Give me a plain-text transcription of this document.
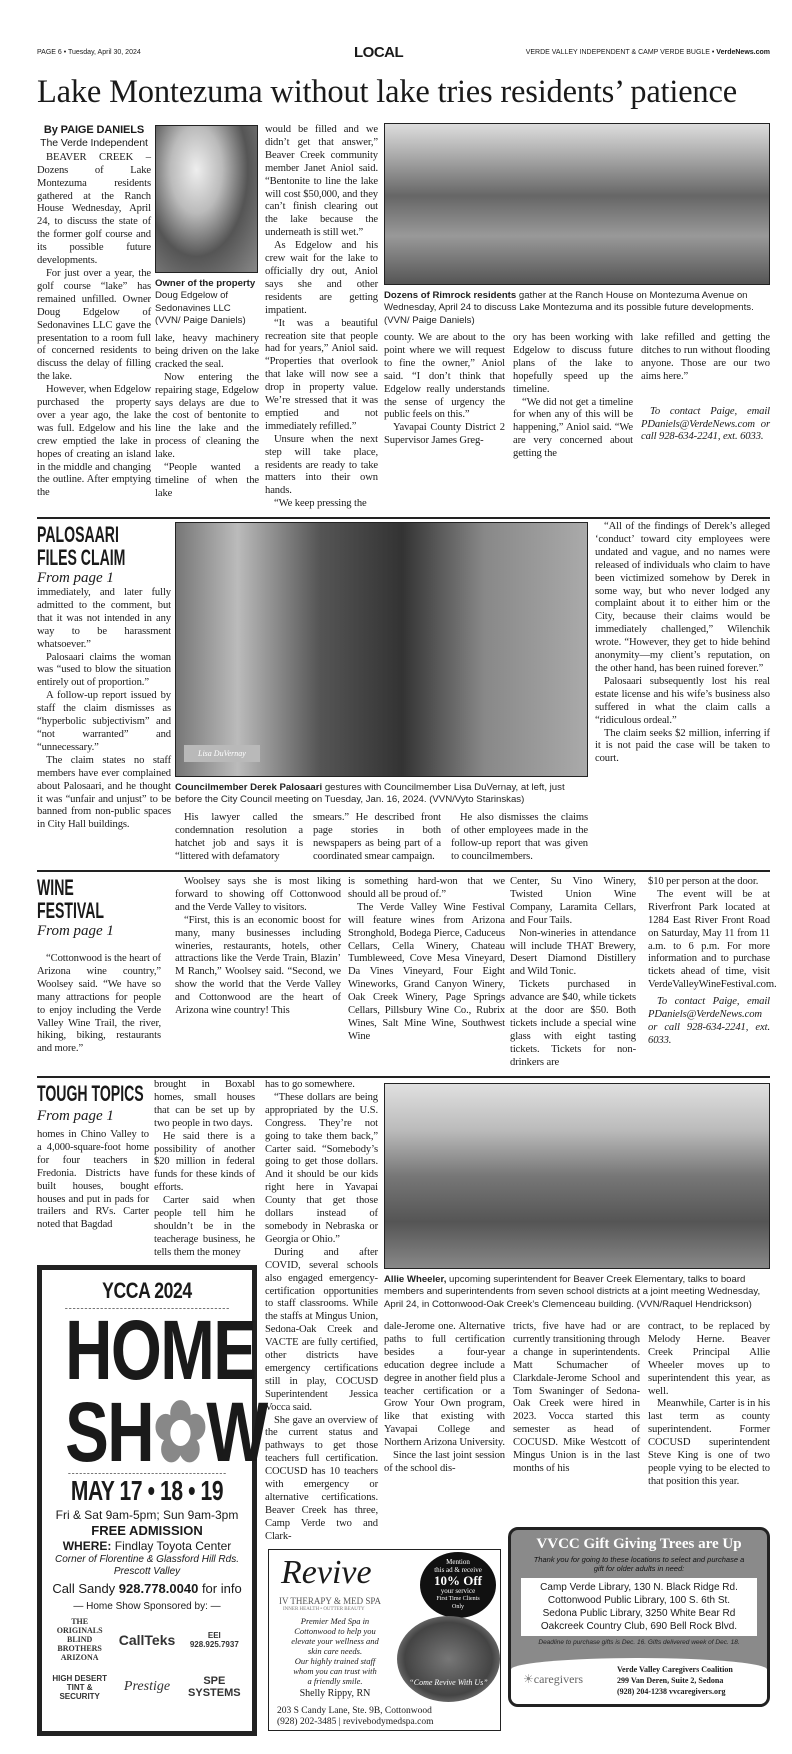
PAGE 6 • Tuesday, April 30, 2024	LOCAL	VERDE VALLEY INDEPENDENT & CAMP VERDE BUGLE • VerdeNews.com
Lake Montezuma without lake tries residents’ patience
By PAIGE DANIELS
The Verde Independent

BEAVER CREEK – Dozens of Lake Montezuma residents gathered at the Ranch House Wednesday, April 24, to discuss the state of the former golf course and its possible future developments.

For just over a year, the golf course “lake” has remained unfilled. Owner Doug Edgelow of Sedonavines LLC gave the presentation to a room full of concerned residents to discuss the delay of filling the lake.

However, when Edgelow purchased the property over a year ago, the lake was full. Edgelow and his crew emptied the lake in hopes of creating an island in the middle and changing the outline. After emptying the

Owner of the property Doug Edgelow of Sedonavines LLC (VVN/ Paige Daniels)

lake, heavy machinery being driven on the lake cracked the seal.

Now entering the repairing stage, Edgelow says delays are due to the cost of bentonite to line the lake and the process of cleaning the lake.

“People wanted a timeline of when the lake

would be filled and we didn’t get that answer,” Beaver Creek community member Janet Aniol said. “Bentonite to line the lake will cost $50,000, and they can’t finish clearing out the lake because the underneath is still wet.”

As Edgelow and his crew wait for the lake to officially dry out, Aniol says she and other residents are getting impatient.

“It was a beautiful recreation site that people had for years,” Aniol said. “Properties that overlook that lake will now see a drop in property value. We’re stressed that it was emptied and not immediately refilled.”

Unsure when the next step will take place, residents are ready to take matters into their own hands.

“We keep pressing the

Dozens of Rimrock residents gather at the Ranch House on Montezuma Avenue on Wednesday, April 24 to discuss Lake Montezuma and its possible future developments. (VVN/ Paige Daniels)

county. We are about to the point where we will request to fine the owner,” Aniol said. “I don’t think that Edgelow really understands the sense of urgency the public feels on this.”

Yavapai County District 2 Supervisor James Greg-

ory has been working with Edgelow to discuss future plans of the lake to hopefully speed up the timeline.

“We did not get a timeline for when any of this will be happening,” Aniol said. “We are very concerned about getting the

lake refilled and getting the ditches to run without flooding anyone. Those are our two aims here.”

To contact Paige, email PDaniels@VerdeNews.com or call 928-634-2241, ext. 6033.

PALOSAARI
FILES CLAIM
From page 1

immediately, and later fully admitted to the comment, but that it was not intended in any way to be harassment whatsoever.”

Palosaari claims the woman was “used to blow the situation entirely out of proportion.”

A follow-up report issued by staff the claim dismisses as “hyperbolic subjectivism” and “not warranted” and “unnecessary.”

The claim states no staff members have ever complained about Palosaari, and he thought it was “unfair and unjust” to be banned from non-public spaces in City Hall buildings.

Lisa DuVernay
Councilmember Derek Palosaari gestures with Councilmember Lisa DuVernay, at left, just before the City Council meeting on Tuesday, Jan. 16, 2024. (VVN/Vyto Starinskas)

His lawyer called the condemnation resolution a hatchet job and says it is “littered with defamatory

smears.” He described front page stories in both newspapers as being part of a coordinated smear campaign.

He also dismisses the claims of other employees made in the follow-up report that was given to councilmembers.

“All of the findings of Derek’s alleged ‘conduct’ toward city employees were undated and vague, and no names were released of individuals who claim to have been victimized somehow by Derek in some way, but who never lodged any complaint about it to either him or the City, because their claims would be immediately challenged,” Wilenchik wrote. “However, they get to hide behind anonymity—my client’s reputation, on the other hand, has been ruined forever.”

Palosaari subsequently lost his real estate license and his wife’s business also suffered in what the claim calls a “ridiculous ordeal.”

The claim seeks $2 million, inferring if it is not paid the case will be taken to court.

WINE
FESTIVAL
From page 1

“Cottonwood is the heart of Arizona wine country,” Woolsey said. “We have so many attractions for people to enjoy including the Verde Valley Wine Trail, the river, hiking, biking, restaurants and more.”

Woolsey says she is most liking forward to showing off Cottonwood and the Verde Valley to visitors.

“First, this is an economic boost for many, many businesses including wineries, restaurants, hotels, other attractions like the Verde Train, Blazin’ M Ranch,” Woolsey said. “Second, we show the world that the Verde Valley and Cottonwood are the heart of Arizona wine country! This

is something hard-won that we should all be proud of.”

The Verde Valley Wine Festival will feature wines from Arizona Stronghold, Bodega Pierce, Caduceus Cellars, Cella Winery, Chateau Tumbleweed, Cove Mesa Vineyard, Da Vines Vineyard, Four Eight Wineworks, Grand Canyon Winery, Oak Creek Winery, Page Springs Cellars, Pillsbury Wine Co., Rubrix Wines, Salt Mine Wine, Southwest Wine

Center, Su Vino Winery, Twisted Union Wine Company, Laramita Cellars, and Four Tails.

Non-wineries in attendance will include THAT Brewery, Desert Diamond Distillery and Wild Tonic.

Tickets purchased in advance are $40, while tickets at the door are $50. Both tickets include a special wine glass with eight tasting tickets. Tickets for non-drinkers are

$10 per person at the door.

The event will be at Riverfront Park located at 1284 East River Front Road on Saturday, May 11 from 11 a.m. to 6 p.m. For more information and to purchase tickets ahead of time, visit VerdeValleyWineFestival.com.

To contact Paige, email PDaniels@VerdeNews.com or call 928-634-2241, ext. 6033.

TOUGH TOPICS
From page 1

homes in Chino Valley to a 4,000-square-foot home for four teachers in Fredonia. Districts have built houses, bought houses and put in pads for trailers and RVs. Carter noted that Bagdad

brought in Boxabl homes, small houses that can be set up by two people in two days.

He said there is a possibility of another $20 million in federal funds for these kinds of efforts.

Carter said when people tell him he shouldn’t be in the teacherage business, he tells them the money

has to go somewhere.

“These dollars are being appropriated by the U.S. Congress. They’re not going to take them back,” Carter said. “Somebody’s going to get those dollars. And it should be our kids right here in Yavapai County that get those dollars instead of somebody in Nebraska or Georgia or Ohio.”

During and after COVID, several schools also engaged emergency-certification opportunities to staff classrooms. While the staffs at Mingus Union, Sedona-Oak Creek and VACTE are fully certified, other districts have emergency certifications still in play, COCUSD Superintendent Jessica Vocca said.

She gave an overview of the current status and pathways to get those teachers full certification. COCUSD has 10 teachers with emergency or alternative certifications. Beaver Creek has three, Camp Verde two and Clark-

Allie Wheeler, upcoming superintendent for Beaver Creek Elementary, talks to board members and superintendents from seven school districts at a joint meeting Wednesday, April 24, in Cottonwood-Oak Creek’s Clemenceau building. (VVN/Raquel Hendrickson)

dale-Jerome one. Alternative paths to full certification besides a four-year education degree include a degree in another field plus a teacher certification or a Grow Your Own program, like that existing with Yavapai College and Northern Arizona University.

Since the last joint session of the school dis-

tricts, five have had or are currently transitioning through a change in superintendents. Matt Schumacher of Clarkdale-Jerome School and Tom Swaninger of Sedona-Oak Creek were hired in 2023. Vocca started this semester as head of COCUSD. Mike Westcott of Mingus Union is in the last months of his

contract, to be replaced by Melody Herne. Beaver Creek Principal Allie Wheeler moves up to superintendent this year, as well.

Meanwhile, Carter is in his last term as county superintendent. Former COCUSD superintendent Steve King is one of two people vying to be elected to that position this year.

YCCA 2024
HOME
SH✿W
MAY 17 • 18 • 19
Fri & Sat 9am-5pm; Sun 9am-3pm
FREE ADMISSION
WHERE: Findlay Toyota Center
Corner of Florentine & Glassford Hill Rds.
Prescott Valley
Call Sandy 928.778.0040 for info
— Home Show Sponsored by: —
THE ORIGINALS BLIND BROTHERS ARIZONA
CallTeks	EEI 928.925.7937
HIGH DESERT TINT & SECURITY
Prestige	SPE SYSTEMS
Revive
IV THERAPY & MED SPA
INNER HEALTH • OUTTER BEAUTY
Mention
this ad & receive
10% Off
your service
First Time Clients
Only
Premier Med Spa in
Cottonwood to help you
elevate your wellness and
skin care needs.
Our highly trained staff
whom you can trust with
a friendly smile.
Shelly Rippy, RN
“Come Revive With Us”
203 S Candy Lane, Ste. 9B, Cottonwood
(928) 202-3485 | revivebodymedspa.com
VVCC Gift Giving Trees are Up
Thank you for going to these locations to select and purchase a gift for older adults in need:
Camp Verde Library, 130 N. Black Ridge Rd.
Cottonwood Public Library, 100 S. 6th St.
Sedona Public Library, 3250 White Bear Rd
Oakcreek Country Club, 690 Bell Rock Blvd.
Deadline to purchase gifts is Dec. 16. Gifts delivered week of Dec. 18.
☀caregivers
Verde Valley Caregivers Coalition
299 Van Deren, Suite 2, Sedona
(928) 204-1238 vvcaregivers.org
